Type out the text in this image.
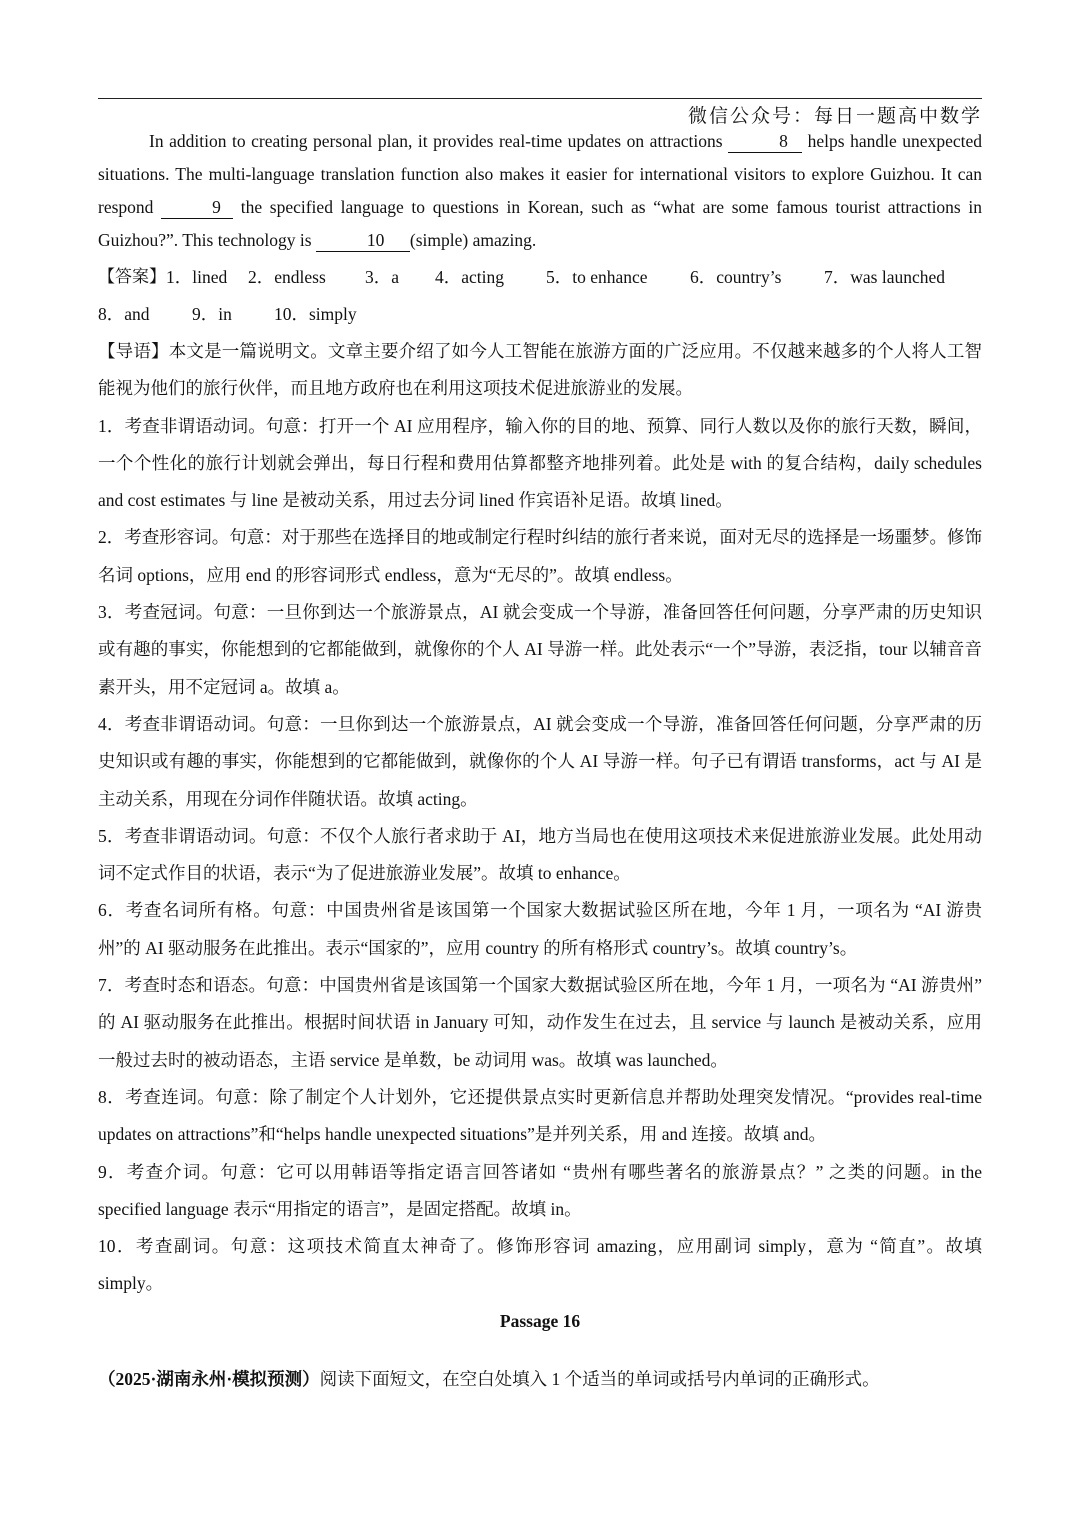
微信公众号：每日一题高中数学

In addition to creating personal plan, it provides real-time updates on attractions	8 helps handle unexpected situations. The multi-language translation function also makes it easier for international visitors to explore Guizhou. It can respond	9 the specified language to questions in Korean, such as “what are some famous tourist attractions in Guizhou?”. This technology is	10 (simple) amazing.

【答案】 1．lined	2．endless	3．a	4．acting	5．to enhance	6．country’s	7．was launched
8．and	9．in	10．simply

【导语】本文是一篇说明文。文章主要介绍了如今人工智能在旅游方面的广泛应用。不仅越来越多的个人将人工智能视为他们的旅行伙伴，而且地方政府也在利用这项技术促进旅游业的发展。

1．考查非谓语动词。句意：打开一个 AI 应用程序，输入你的目的地、预算、同行人数以及你的旅行天数，瞬间，一个个性化的旅行计划就会弹出，每日行程和费用估算都整齐地排列着。此处是 with 的复合结构，daily schedules and cost estimates 与 line 是被动关系，用过去分词 lined 作宾语补足语。故填 lined。

2．考查形容词。句意：对于那些在选择目的地或制定行程时纠结的旅行者来说，面对无尽的选择是一场噩梦。修饰名词 options，应用 end 的形容词形式 endless，意为“无尽的”。故填 endless。

3．考查冠词。句意：一旦你到达一个旅游景点，AI 就会变成一个导游，准备回答任何问题，分享严肃的历史知识或有趣的事实，你能想到的它都能做到，就像你的个人 AI 导游一样。此处表示“一个”导游，表泛指，tour 以辅音音素开头，用不定冠词 a。故填 a。

4．考查非谓语动词。句意：一旦你到达一个旅游景点，AI 就会变成一个导游，准备回答任何问题，分享严肃的历史知识或有趣的事实，你能想到的它都能做到，就像你的个人 AI 导游一样。句子已有谓语 transforms，act 与 AI 是主动关系，用现在分词作伴随状语。故填 acting。

5．考查非谓语动词。句意：不仅个人旅行者求助于 AI，地方当局也在使用这项技术来促进旅游业发展。此处用动词不定式作目的状语，表示“为了促进旅游业发展”。故填 to enhance。

6．考查名词所有格。句意：中国贵州省是该国第一个国家大数据试验区所在地，今年 1 月，一项名为 “AI 游贵州”的 AI 驱动服务在此推出。表示“国家的”，应用 country 的所有格形式 country’s。故填 country’s。

7．考查时态和语态。句意：中国贵州省是该国第一个国家大数据试验区所在地，今年 1 月，一项名为 “AI 游贵州” 的 AI 驱动服务在此推出。根据时间状语 in January 可知，动作发生在过去，且 service 与 launch 是被动关系，应用一般过去时的被动语态，主语 service 是单数，be 动词用 was。故填 was launched。

8．考查连词。句意：除了制定个人计划外，它还提供景点实时更新信息并帮助处理突发情况。“provides real-time updates on attractions”和“helps handle unexpected situations”是并列关系，用 and 连接。故填 and。

9．考查介词。句意：它可以用韩语等指定语言回答诸如 “贵州有哪些著名的旅游景点？” 之类的问题。in the specified language 表示“用指定的语言”，是固定搭配。故填 in。

10．考查副词。句意：这项技术简直太神奇了。修饰形容词 amazing，应用副词 simply，意为 “简直”。故填 simply。

Passage 16

（2025·湖南永州·模拟预测）阅读下面短文，在空白处填入 1 个适当的单词或括号内单词的正确形式。
